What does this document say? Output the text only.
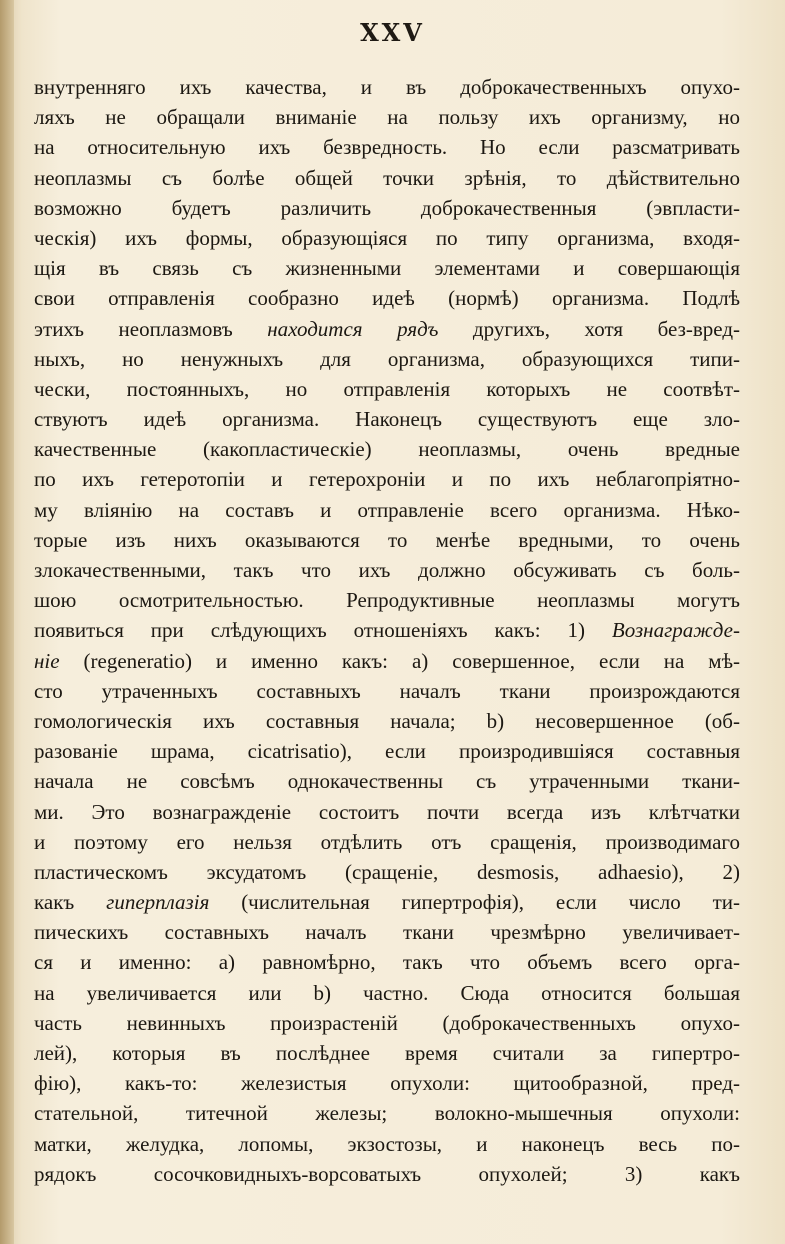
XXV
внутренняго ихъ качества, и въ доброкачественныхъ опухо-
ляхъ не обращали вниманіе на пользу ихъ организму, но
на относительную ихъ безвредность. Но если разсматривать
неоплазмы съ болѣе общей точки зрѣнія, то дѣйствительно
возможно будетъ различить доброкачественныя (эвпласти-
ческія) ихъ формы, образующіяся по типу организма, входя-
щія въ связь съ жизненными элементами и совершающія
свои отправленія сообразно идеѣ (нормѣ) организма. Подлѣ
этихъ неоплазмовъ находится рядъ другихъ, хотя без-вред-
ныхъ, но ненужныхъ для организма, образующихся типи-
чески, постоянныхъ, но отправленія которыхъ не соотвѣт-
ствуютъ идеѣ организма. Наконецъ существуютъ еще зло-
качественные (какопластическіе) неоплазмы, очень вредные
по ихъ гетеротопіи и гетерохроніи и по ихъ неблагопріятно-
му вліянію на составъ и отправленіе всего организма. Нѣко-
торые изъ нихъ оказываются то менѣе вредными, то очень
злокачественными, такъ что ихъ должно обсуживать съ боль-
шою осмотрительностью. Репродуктивные неоплазмы могутъ
появиться при слѣдующихъ отношеніяхъ какъ: 1) Вознагражде-
ніе (regeneratio) и именно какъ: a) совершенное, если на мѣ-
сто утраченныхъ составныхъ началъ ткани произрождаются
гомологическія ихъ составныя начала; b) несовершенное (об-
разованіе шрама, cicatrisatio), если произродившіяся составныя
начала не совсѣмъ однокачественны съ утраченными ткани-
ми. Это вознагражденіе состоитъ почти всегда изъ клѣтчатки
и поэтому его нельзя отдѣлить отъ сращенія, производимаго
пластическомъ эксудатомъ (сращеніе, desmosis, adhaesio), 2)
какъ гиперплазія (числительная гипертрофія), если число ти-
пическихъ составныхъ началъ ткани чрезмѣрно увеличивает-
ся и именно: a) равномѣрно, такъ что объемъ всего орга-
на увеличивается или b) частно. Сюда относится большая
часть невинныхъ произрастеній (доброкачественныхъ опухо-
лей), которыя въ послѣднее время считали за гипертро-
фію), какъ-то: железистыя опухоли: щитообразной, пред-
стательной, титечной железы; волокно-мышечныя опухоли:
матки, желудка, лопомы, экзостозы, и наконецъ весь по-
рядокъ сосочковидныхъ-ворсоватыхъ опухолей; 3) какъ
